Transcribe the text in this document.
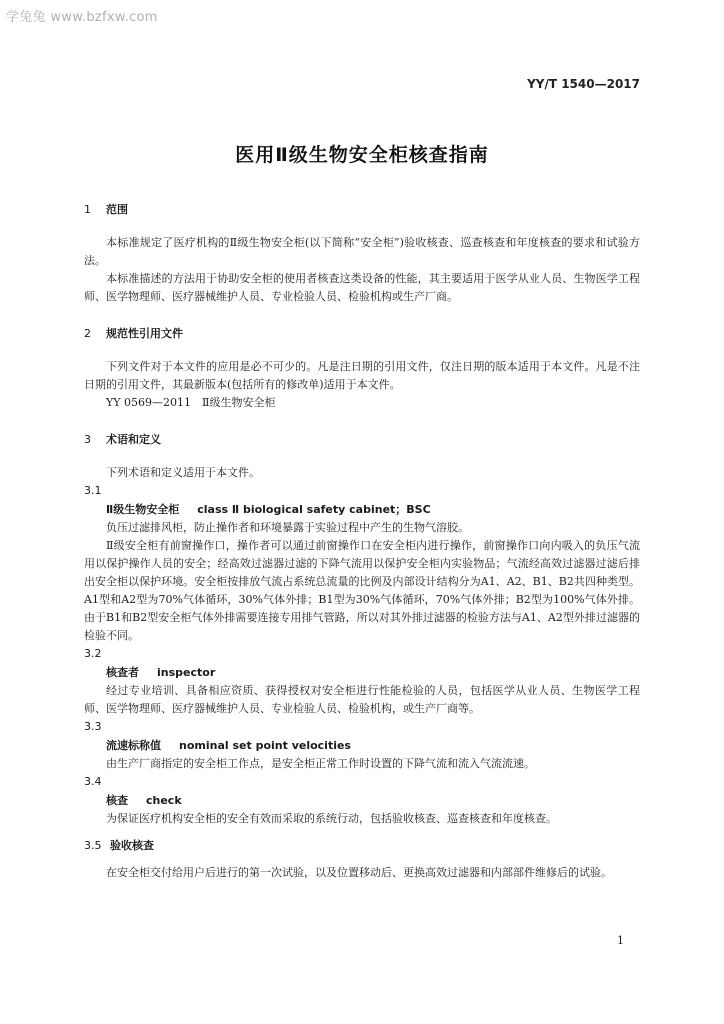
学兔兔 www.bzfxw.com
YY/T 1540—2017
医用Ⅱ级生物安全柜核查指南
1 范围

本标准规定了医疗机构的Ⅱ级生物安全柜(以下简称“安全柜”)验收核查、巡查核查和年度核查的要求和试验方法。

本标准描述的方法用于协助安全柜的使用者核查这类设备的性能，其主要适用于医学从业人员、生物医学工程师、医学物理师、医疗器械维护人员、专业检验人员、检验机构或生产厂商。

2 规范性引用文件

下列文件对于本文件的应用是必不可少的。凡是注日期的引用文件，仅注日期的版本适用于本文件。凡是不注日期的引用文件，其最新版本(包括所有的修改单)适用于本文件。

YY 0569—2011　Ⅱ级生物安全柜

3 术语和定义

下列术语和定义适用于本文件。

3.1

Ⅱ级生物安全柜 class Ⅱ biological safety cabinet；BSC

负压过滤排风柜，防止操作者和环境暴露于实验过程中产生的生物气溶胶。

Ⅱ级安全柜有前窗操作口，操作者可以通过前窗操作口在安全柜内进行操作，前窗操作口向内吸入的负压气流用以保护操作人员的安全；经高效过滤器过滤的下降气流用以保护安全柜内实验物品；气流经高效过滤器过滤后排出安全柜以保护环境。安全柜按排放气流占系统总流量的比例及内部设计结构分为A1、A2、B1、B2共四种类型。A1型和A2型为70%气体循环，30%气体外排；B1型为30%气体循环，70%气体外排；B2型为100%气体外排。由于B1和B2型安全柜气体外排需要连接专用排气管路，所以对其外排过滤器的检验方法与A1、A2型外排过滤器的检验不同。

3.2

核查者 inspector

经过专业培训、具备相应资质、获得授权对安全柜进行性能检验的人员，包括医学从业人员、生物医学工程师、医学物理师、医疗器械维护人员、专业检验人员、检验机构，或生产厂商等。

3.3

流速标称值 nominal set point velocities

由生产厂商指定的安全柜工作点，是安全柜正常工作时设置的下降气流和流入气流流速。

3.4

核查 check

为保证医疗机构安全柜的安全有效而采取的系统行动，包括验收核查、巡查核查和年度核查。

3.5 验收核查

在安全柜交付给用户后进行的第一次试验，以及位置移动后、更换高效过滤器和内部部件维修后的试验。

1
